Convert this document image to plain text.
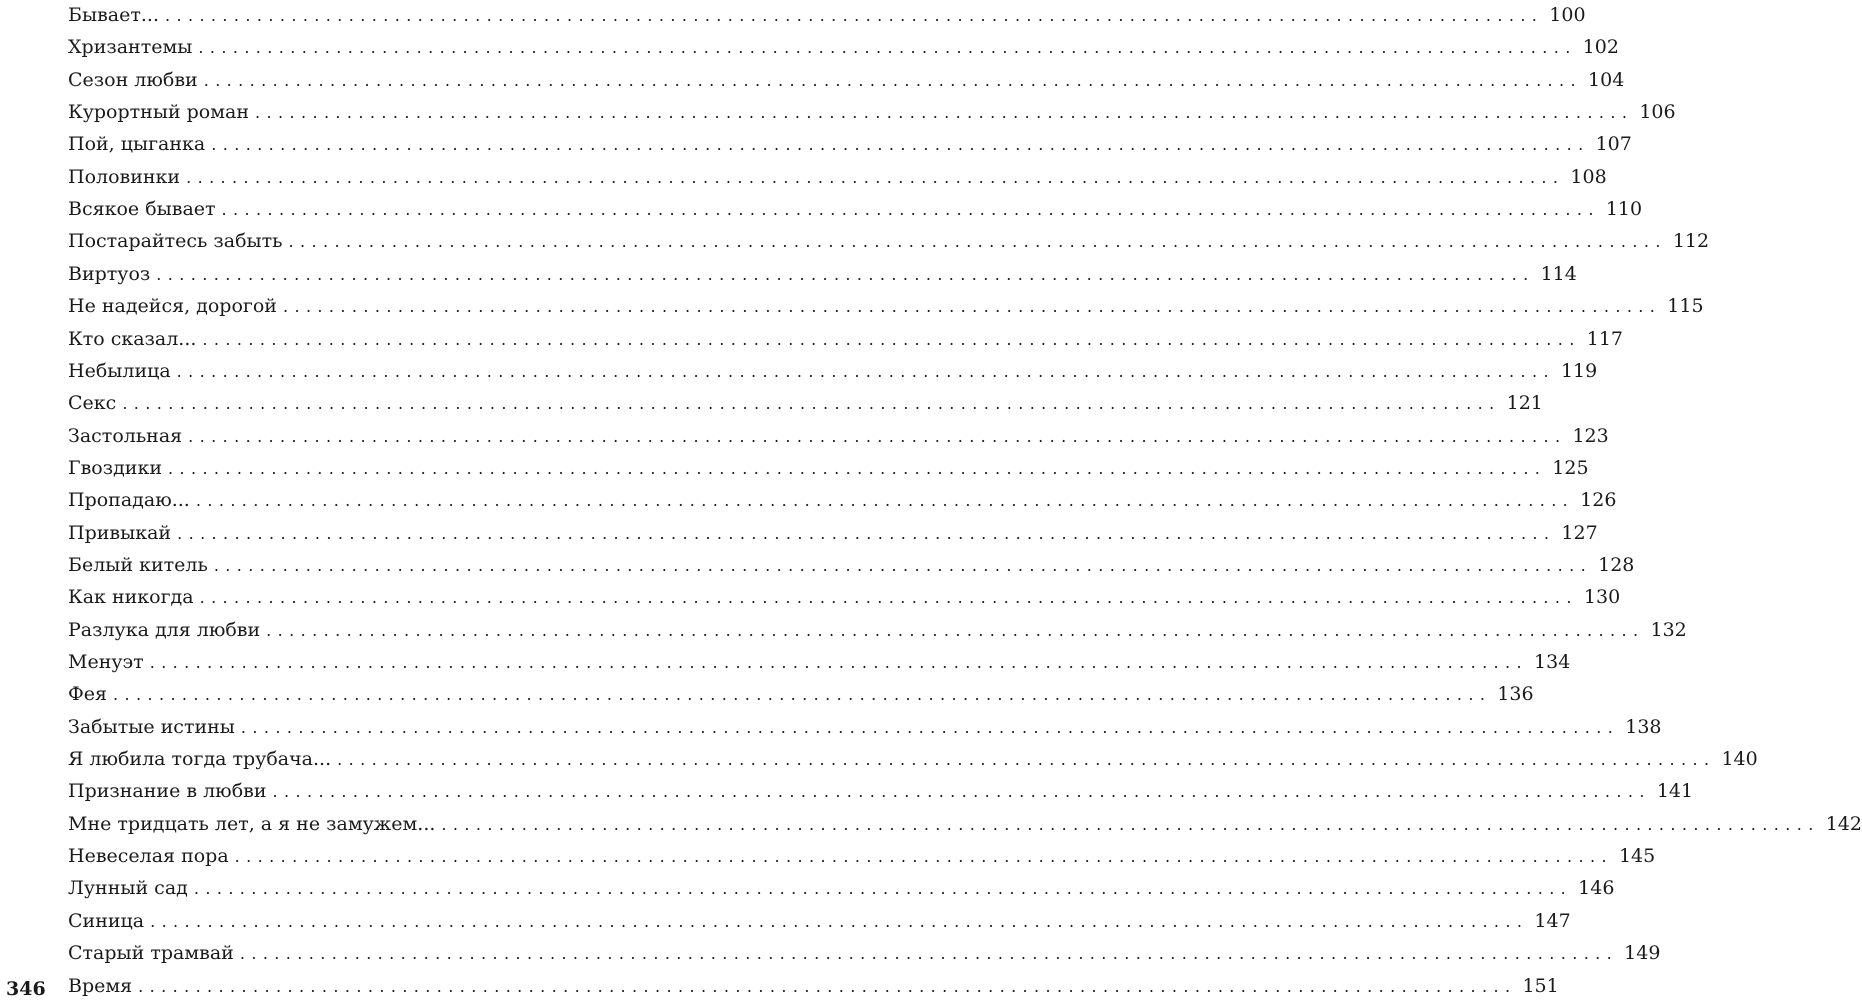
Бывает... ........................................................................................................................ 100
Хризантемы ........................................................................................................................ 102
Сезон любви ........................................................................................................................ 104
Курортный роман ........................................................................................................................ 106
Пой, цыганка ........................................................................................................................ 107
Половинки ........................................................................................................................ 108
Всякое бывает ........................................................................................................................ 110
Постарайтесь забыть ........................................................................................................................ 112
Виртуоз ........................................................................................................................ 114
Не надейся, дорогой ........................................................................................................................ 115
Кто сказал... ........................................................................................................................ 117
Небылица ........................................................................................................................ 119
Секс ........................................................................................................................ 121
Застольная ........................................................................................................................ 123
Гвоздики ........................................................................................................................ 125
Пропадаю... ........................................................................................................................ 126
Привыкай ........................................................................................................................ 127
Белый китель ........................................................................................................................ 128
Как никогда ........................................................................................................................ 130
Разлука для любви ........................................................................................................................ 132
Менуэт ........................................................................................................................ 134
Фея ........................................................................................................................ 136
Забытые истины ........................................................................................................................ 138
Я любила тогда трубача... ........................................................................................................................ 140
Признание в любви ........................................................................................................................ 141
Мне тридцать лет, а я не замужем... ........................................................................................................................ 142
Невеселая пора ........................................................................................................................ 145
Лунный сад ........................................................................................................................ 146
Синица ........................................................................................................................ 147
Старый трамвай ........................................................................................................................ 149
Время ........................................................................................................................ 151
346
